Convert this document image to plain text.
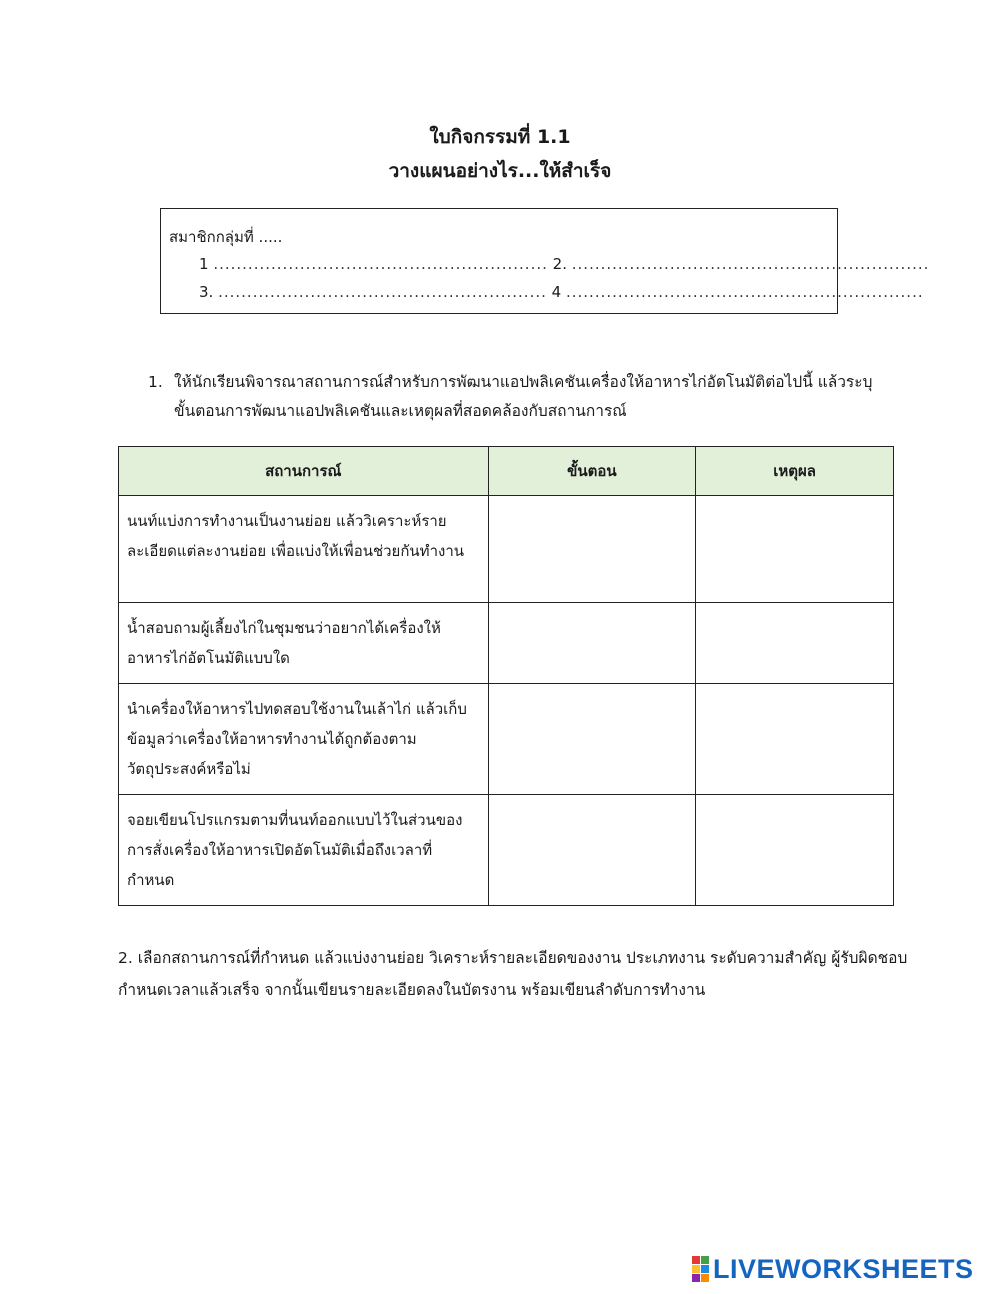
ใบกิจกรรมที่ 1.1
วางแผนอย่างไร...ให้สำเร็จ
สมาชิกกลุ่มที่ .....
1 .......................................................... 2. ..............................................................
3. ......................................................... 4 ..............................................................
1. ให้นักเรียนพิจารณาสถานการณ์สำหรับการพัฒนาแอปพลิเคชันเครื่องให้อาหารไก่อัตโนมัติต่อไปนี้ แล้วระบุขั้นตอนการพัฒนาแอปพลิเคชันและเหตุผลที่สอดคล้องกับสถานการณ์
สถานการณ์	ขั้นตอน	เหตุผล
นนท์แบ่งการทำงานเป็นงานย่อย แล้ววิเคราะห์รายละเอียดแต่ละงานย่อย เพื่อแบ่งให้เพื่อนช่วยกันทำงาน		
น้ำสอบถามผู้เลี้ยงไก่ในชุมชนว่าอยากได้เครื่องให้อาหารไก่อัตโนมัติแบบใด		
นำเครื่องให้อาหารไปทดสอบใช้งานในเล้าไก่ แล้วเก็บข้อมูลว่าเครื่องให้อาหารทำงานได้ถูกต้องตามวัตถุประสงค์หรือไม่		
จอยเขียนโปรแกรมตามที่นนท์ออกแบบไว้ในส่วนของการสั่งเครื่องให้อาหารเปิดอัตโนมัติเมื่อถึงเวลาที่กำหนด		
2. เลือกสถานการณ์ที่กำหนด แล้วแบ่งงานย่อย วิเคราะห์รายละเอียดของงาน ประเภทงาน ระดับความสำคัญ ผู้รับผิดชอบ กำหนดเวลาแล้วเสร็จ จากนั้นเขียนรายละเอียดลงในบัตรงาน พร้อมเขียนลำดับการทำงาน
LIVEWORKSHEETS
